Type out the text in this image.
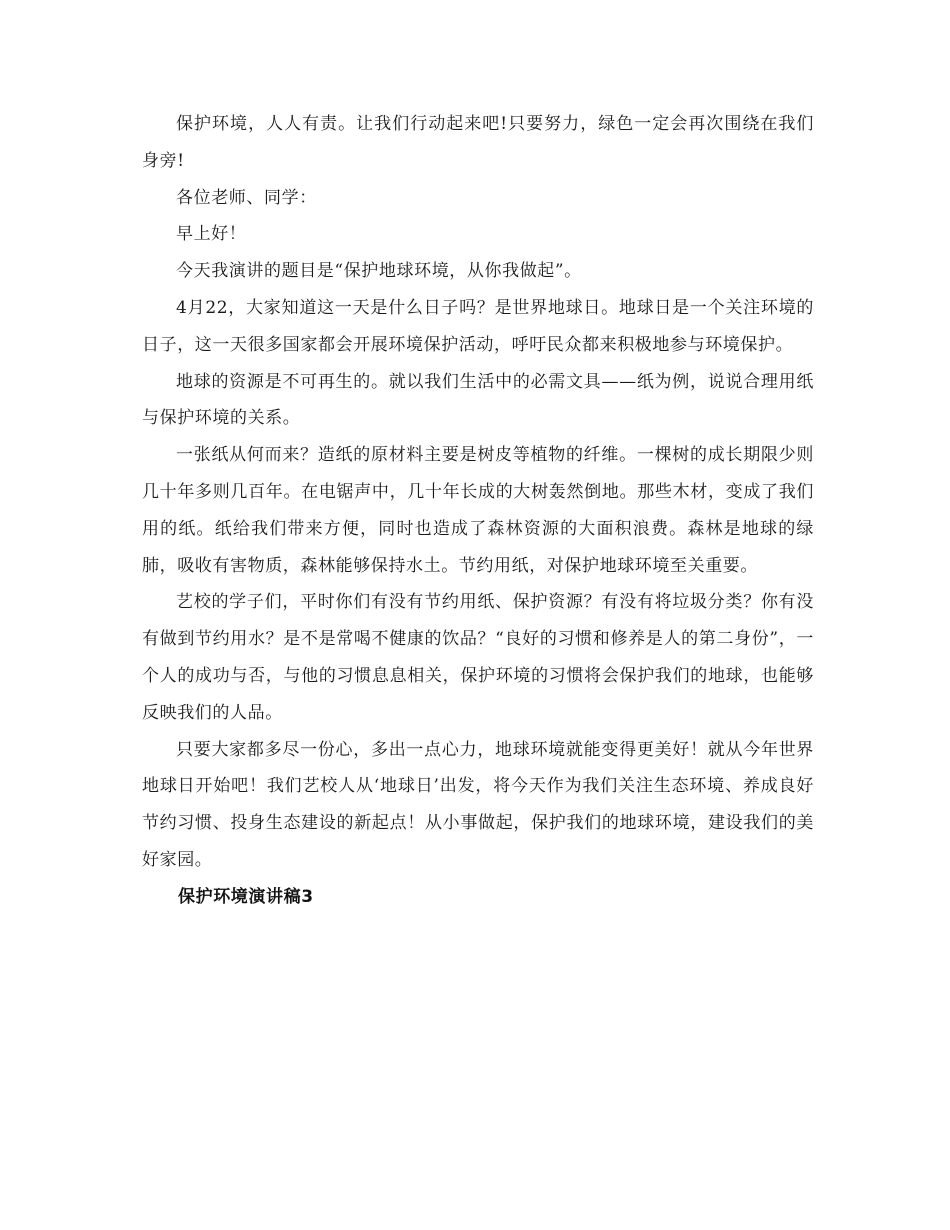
保护环境，人人有责。让我们行动起来吧!只要努力，绿色一定会再次围绕在我们身旁!

各位老师、同学：

早上好！

今天我演讲的题目是“保护地球环境，从你我做起”。

4月22，大家知道这一天是什么日子吗？是世界地球日。地球日是一个关注环境的日子，这一天很多国家都会开展环境保护活动，呼吁民众都来积极地参与环境保护。

地球的资源是不可再生的。就以我们生活中的必需文具——纸为例，说说合理用纸与保护环境的关系。

一张纸从何而来？造纸的原材料主要是树皮等植物的纤维。一棵树的成长期限少则几十年多则几百年。在电锯声中，几十年长成的大树轰然倒地。那些木材，变成了我们用的纸。纸给我们带来方便，同时也造成了森林资源的大面积浪费。森林是地球的绿肺，吸收有害物质，森林能够保持水土。节约用纸，对保护地球环境至关重要。

艺校的学子们，平时你们有没有节约用纸、保护资源？有没有将垃圾分类？你有没有做到节约用水？是不是常喝不健康的饮品？“良好的习惯和修养是人的第二身份”，一个人的成功与否，与他的习惯息息相关，保护环境的习惯将会保护我们的地球，也能够反映我们的人品。

只要大家都多尽一份心，多出一点心力，地球环境就能变得更美好！就从今年世界地球日开始吧！我们艺校人从‘地球日’出发，将今天作为我们关注生态环境、养成良好节约习惯、投身生态建设的新起点！从小事做起，保护我们的地球环境，建设我们的美好家园。

保护环境演讲稿3
